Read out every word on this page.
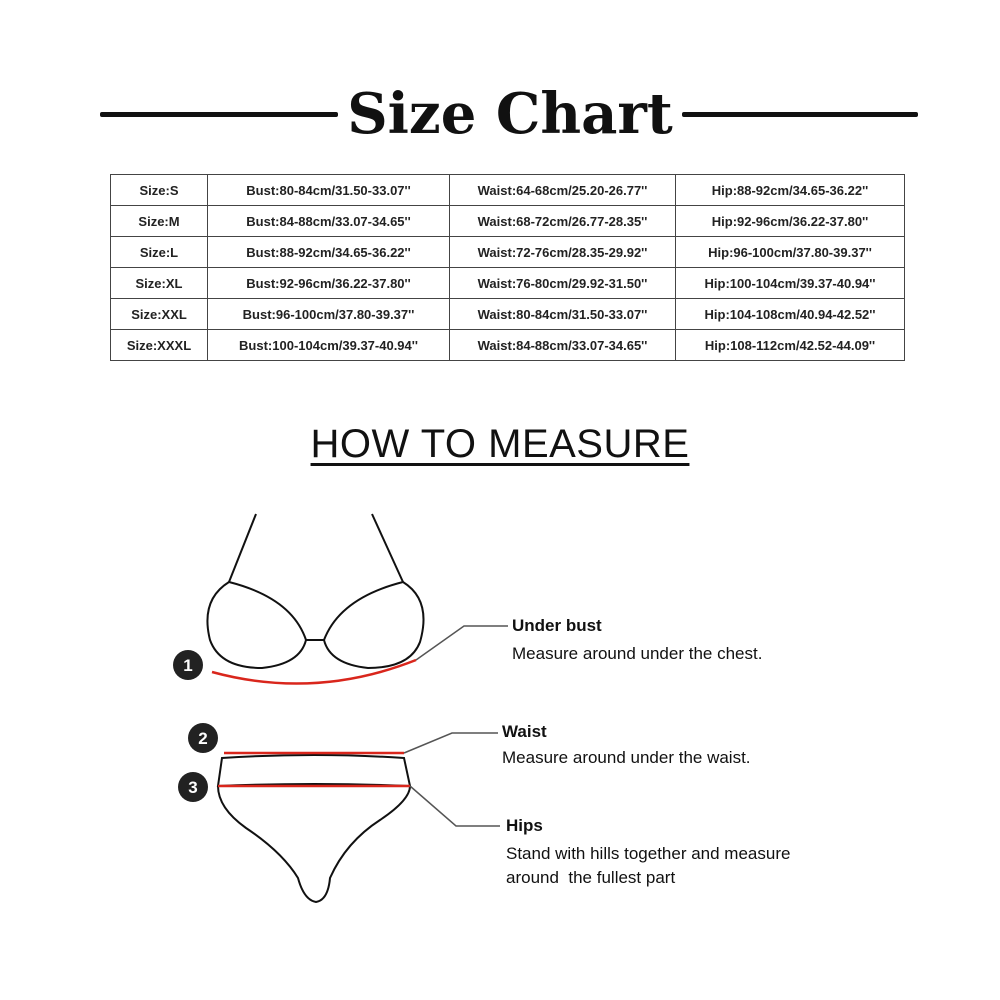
Size Chart
Size:S	Bust:80-84cm/31.50-33.07''	Waist:64-68cm/25.20-26.77''	Hip:88-92cm/34.65-36.22''
Size:M	Bust:84-88cm/33.07-34.65''	Waist:68-72cm/26.77-28.35''	Hip:92-96cm/36.22-37.80''
Size:L	Bust:88-92cm/34.65-36.22''	Waist:72-76cm/28.35-29.92''	Hip:96-100cm/37.80-39.37''
Size:XL	Bust:92-96cm/36.22-37.80''	Waist:76-80cm/29.92-31.50''	Hip:100-104cm/39.37-40.94''
Size:XXL	Bust:96-100cm/37.80-39.37''	Waist:80-84cm/31.50-33.07''	Hip:104-108cm/40.94-42.52''
Size:XXXL	Bust:100-104cm/39.37-40.94''	Waist:84-88cm/33.07-34.65''	Hip:108-112cm/42.52-44.09''
HOW TO MEASURE
1
2
3
Under bust
Measure around under the chest.
Waist
Measure around under the waist.
Hips
Stand with hills together and measure
around  the fullest part
